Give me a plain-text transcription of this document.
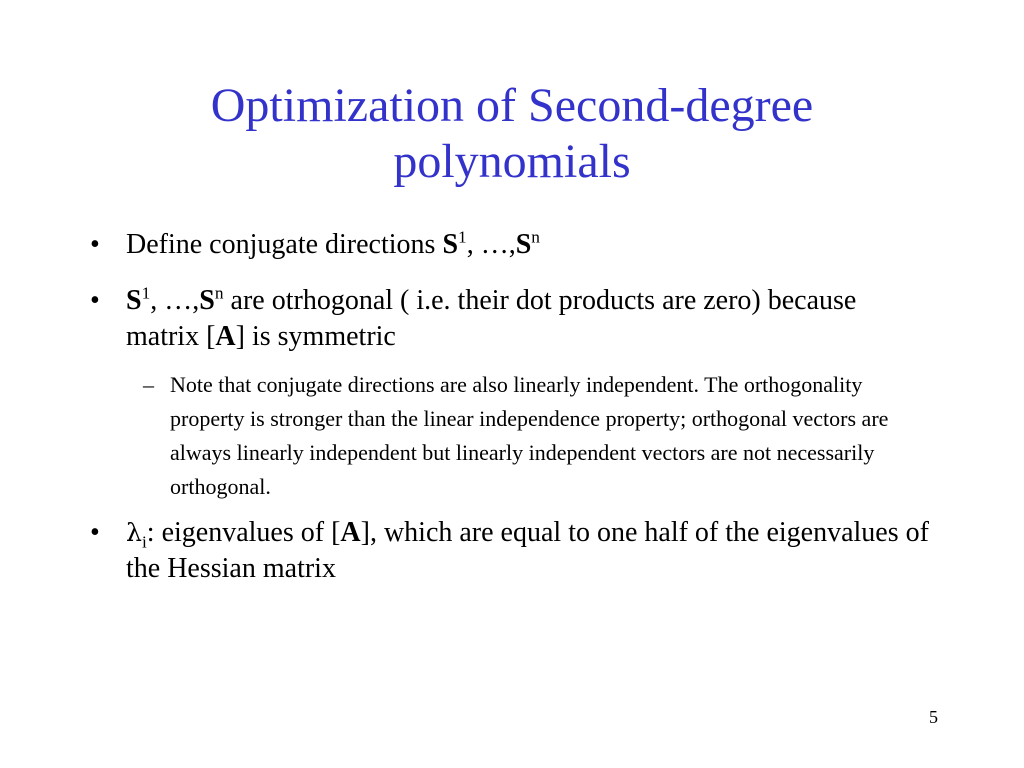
Optimization of Second-degree
polynomials
• Define conjugate directions $S^1$, $\dots,S^n$
• $S^1$, $\dots,S^n$ are otrhogonal ( i.e. their dot products are zero) because matrix [A] is symmetric
– Note that conjugate directions are also linearly independent. The orthogonality property is stronger than the linear independence property; orthogonal vectors are always linearly independent but linearly independent vectors are not necessarily orthogonal.
• $\lambda_i$: eigenvalues of [A], which are equal to one half of the eigenvalues of the Hessian matrix
5
